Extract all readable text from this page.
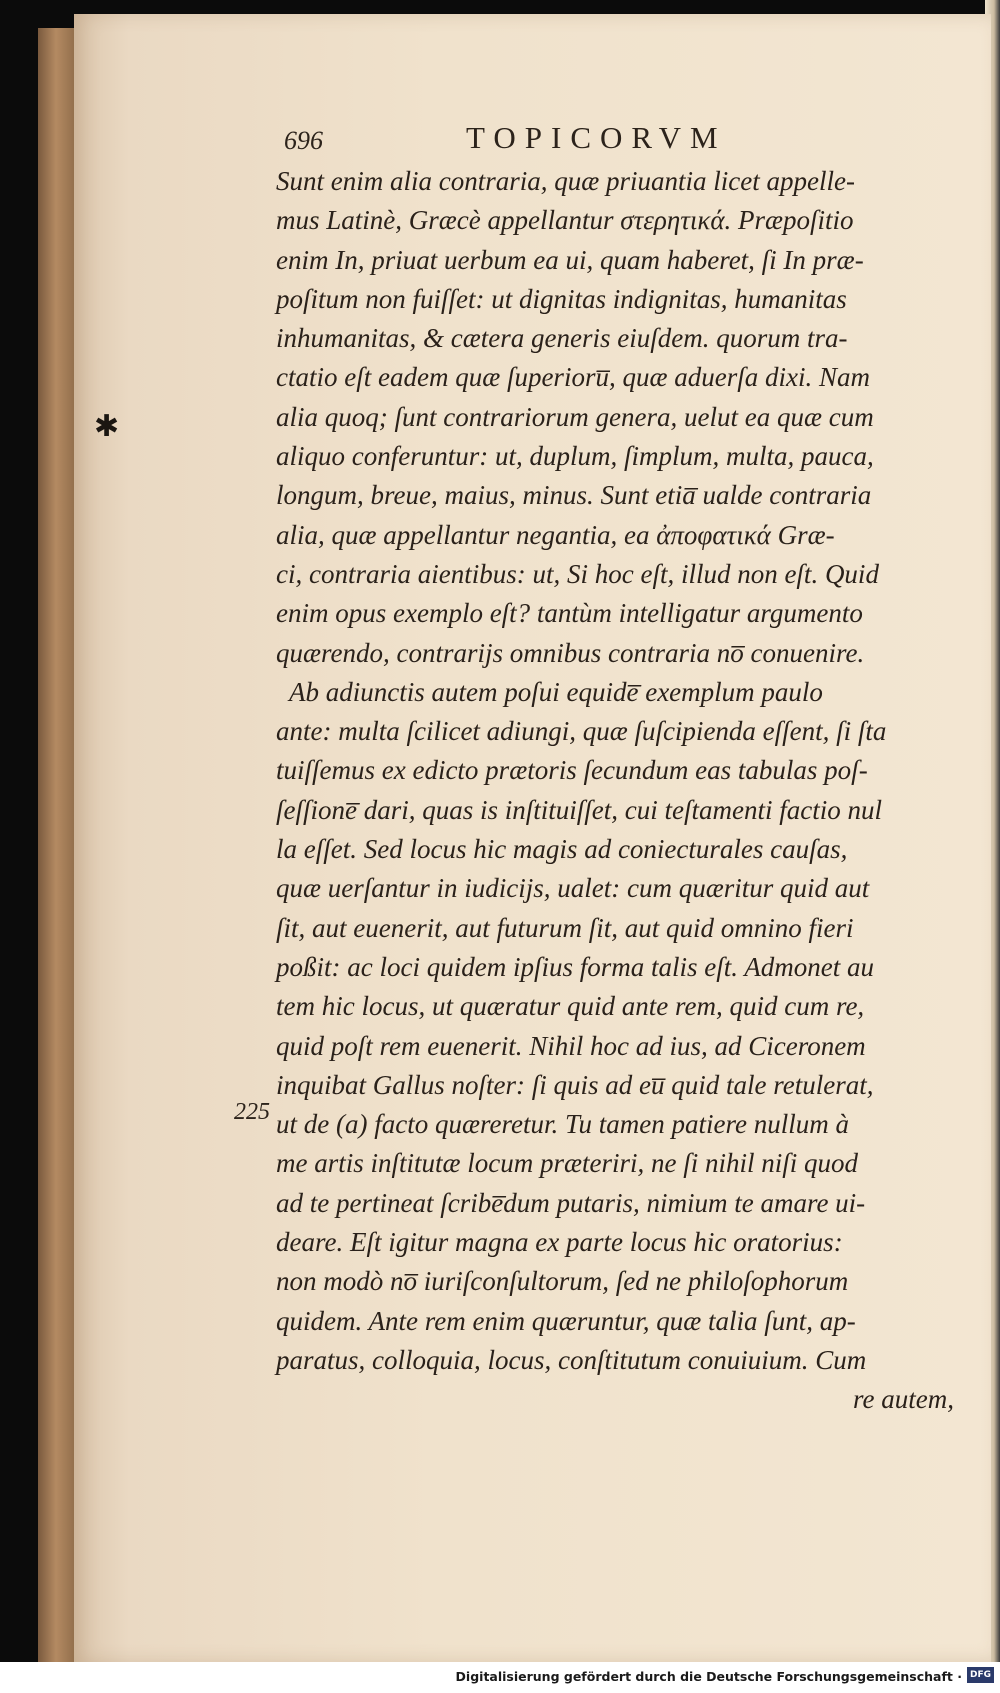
696	TOPICORVM
✱
225
Sunt enim alia contraria, quæ priuantia licet appelle-
mus Latinè, Græcè appellantur στερητικά. Præpoſitio
enim In, priuat uerbum ea ui, quam haberet, ſi In præ-
poſitum non fuiſſet: ut dignitas indignitas, humanitas
inhumanitas, & cætera generis eiuſdem. quorum tra-
ctatio eſt eadem quæ ſuperioru̅, quæ aduerſa dixi. Nam
alia quoq; ſunt contrariorum genera, uelut ea quæ cum
aliquo conferuntur: ut, duplum, ſimplum, multa, pauca,
longum, breue, maius, minus. Sunt etia̅ ualde contraria
alia, quæ appellantur negantia, ea ἀποφατικά Græ-
ci, contraria aientibus: ut, Si hoc eſt, illud non eſt. Quid
enim opus exemplo eſt? tantùm intelligatur argumento
quærendo, contrarijs omnibus contraria no̅ conuenire.
Ab adiunctis autem poſui equide̅ exemplum paulo
ante: multa ſcilicet adiungi, quæ ſuſcipienda eſſent, ſi ſta
tuiſſemus ex edicto prætoris ſecundum eas tabulas poſ-
ſeſſione̅ dari, quas is inſtituiſſet, cui teſtamenti factio nul
la eſſet. Sed locus hic magis ad coniecturales cauſas,
quæ uerſantur in iudicijs, ualet: cum quæritur quid aut
ſit, aut euenerit, aut futurum ſit, aut quid omnino fieri
poßit: ac loci quidem ipſius forma talis eſt. Admonet au
tem hic locus, ut quæratur quid ante rem, quid cum re,
quid poſt rem euenerit. Nihil hoc ad ius, ad Ciceronem
inquibat Gallus noſter: ſi quis ad eu̅ quid tale retulerat,
ut de (a) facto quæreretur. Tu tamen patiere nullum à
me artis inſtitutæ locum præteriri, ne ſi nihil niſi quod
ad te pertineat ſcribe̅dum putaris, nimium te amare ui-
deare. Eſt igitur magna ex parte locus hic oratorius:
non modò no̅ iuriſconſultorum, ſed ne philoſophorum
quidem. Ante rem enim quæruntur, quæ talia ſunt, ap-
paratus, colloquia, locus, conſtitutum conuiuium. Cum
re autem,
Digitalisierung gefördert durch die Deutsche Forschungsgemeinschaft · DFG
